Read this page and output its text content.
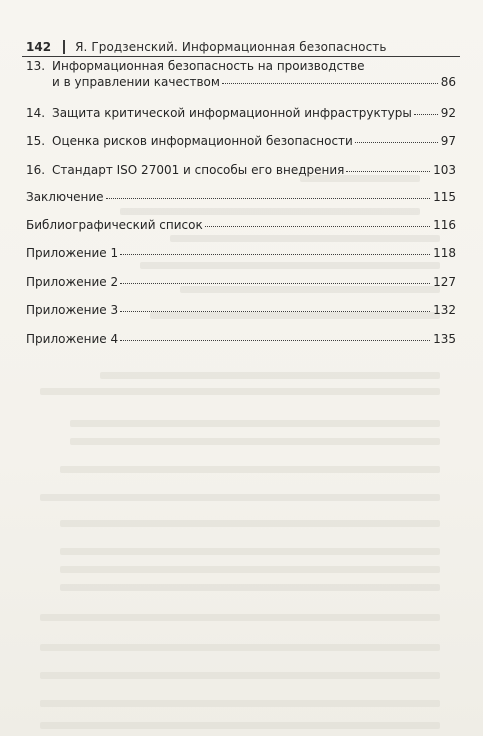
142 Я. Гродзенский. Информационная безопасность
13. Информационная безопасность на производстве
и в управлении качеством	86
14. Защита критической информационной инфраструктуры 92
15. Оценка рисков информационной безопасности	97
16. Стандарт ISO 27001 и способы его внедрения	103
Заключение	115
Библиографический список	116
Приложение 1	118
Приложение 2	127
Приложение 3	132
Приложение 4	135
